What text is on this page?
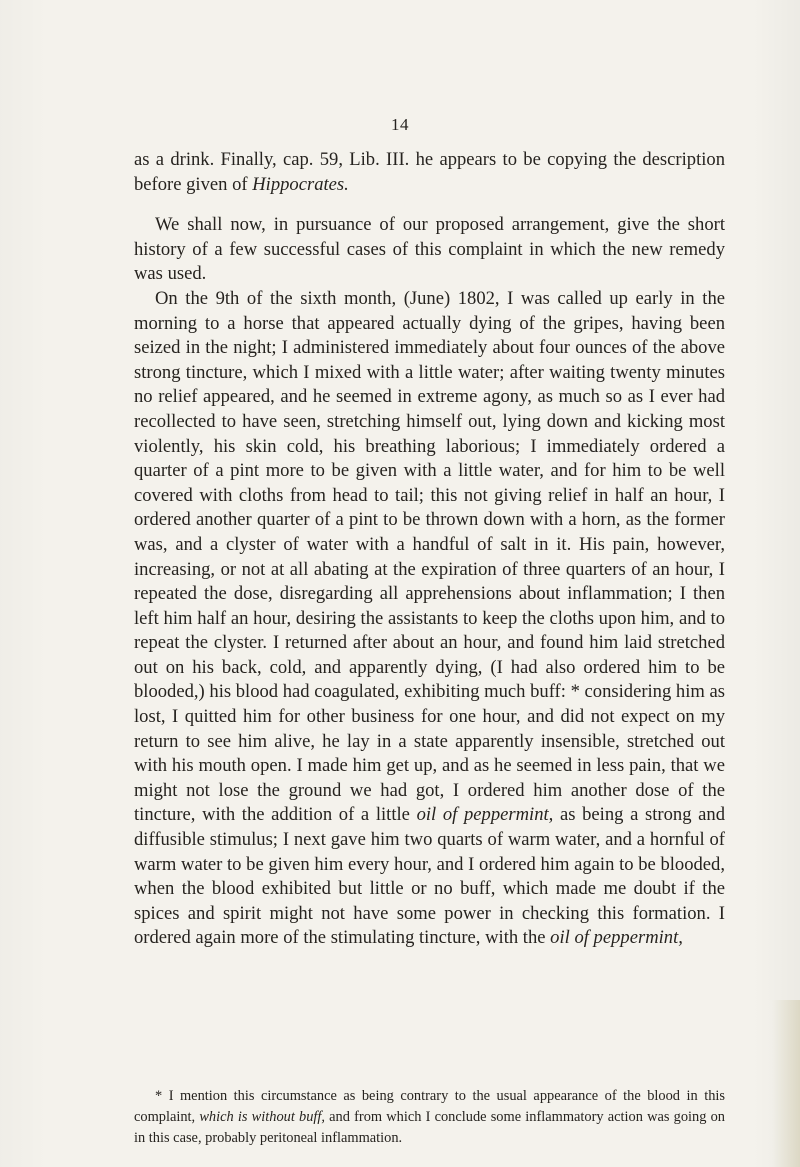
14

as a drink. Finally, cap. 59, Lib. III. he appears to be copying the description before given of Hippocrates.

We shall now, in pursuance of our proposed arrangement, give the short history of a few successful cases of this complaint in which the new remedy was used.

On the 9th of the sixth month, (June) 1802, I was called up early in the morning to a horse that appeared actually dying of the gripes, having been seized in the night; I administered immediately about four ounces of the above strong tincture, which I mixed with a little water; after waiting twenty minutes no relief appeared, and he seemed in extreme agony, as much so as I ever had recollected to have seen, stretching himself out, lying down and kicking most violently, his skin cold, his breathing laborious; I immediately ordered a quarter of a pint more to be given with a little water, and for him to be well covered with cloths from head to tail; this not giving relief in half an hour, I ordered another quarter of a pint to be thrown down with a horn, as the former was, and a clyster of water with a handful of salt in it. His pain, however, increasing, or not at all abating at the expiration of three quarters of an hour, I repeated the dose, disregarding all apprehensions about inflammation; I then left him half an hour, desiring the assistants to keep the cloths upon him, and to repeat the clyster. I returned after about an hour, and found him laid stretched out on his back, cold, and apparently dying, (I had also ordered him to be blooded,) his blood had coagulated, exhibiting much buff: * considering him as lost, I quitted him for other business for one hour, and did not expect on my return to see him alive, he lay in a state apparently insensible, stretched out with his mouth open. I made him get up, and as he seemed in less pain, that we might not lose the ground we had got, I ordered him another dose of the tincture, with the addition of a little oil of peppermint, as being a strong and diffusible stimulus; I next gave him two quarts of warm water, and a hornful of warm water to be given him every hour, and I ordered him again to be blooded, when the blood exhibited but little or no buff, which made me doubt if the spices and spirit might not have some power in checking this formation. I ordered again more of the stimulating tincture, with the oil of peppermint,

* I mention this circumstance as being contrary to the usual appearance of the blood in this complaint, which is without buff, and from which I conclude some inflammatory action was going on in this case, probably peritoneal inflammation.
